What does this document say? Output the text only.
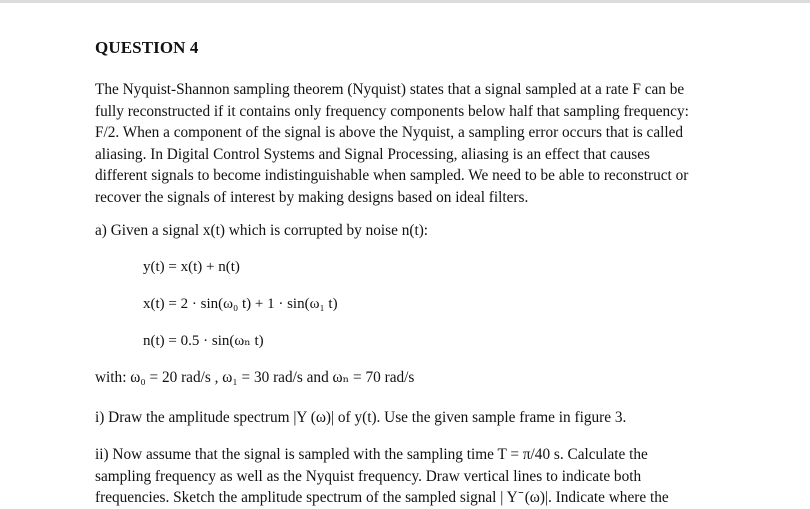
QUESTION 4

The Nyquist-Shannon sampling theorem (Nyquist) states that a signal sampled at a rate F can be

fully reconstructed if it contains only frequency components below half that sampling frequency:

F/2. When a component of the signal is above the Nyquist, a sampling error occurs that is called

aliasing. In Digital Control Systems and Signal Processing, aliasing is an effect that causes

different signals to become indistinguishable when sampled. We need to be able to reconstruct or

recover the signals of interest by making designs based on ideal filters.

a) Given a signal x(t) which is corrupted by noise n(t):
y(t) = x(t) + n(t)
x(t) = 2 · sin(ω₀ t) + 1 · sin(ω₁ t)
n(t) = 0.5 · sin(ωₙ t)
with: ω₀ = 20 rad/s , ω₁ = 30 rad/s and ωₙ = 70 rad/s
i) Draw the amplitude spectrum |Y (ω)| of y(t). Use the given sample frame in figure 3.

ii) Now assume that the signal is sampled with the sampling time T = π/40 s. Calculate the

sampling frequency as well as the Nyquist frequency. Draw vertical lines to indicate both

frequencies. Sketch the amplitude spectrum of the sampled signal | Y ̄ (ω)|. Indicate where the
